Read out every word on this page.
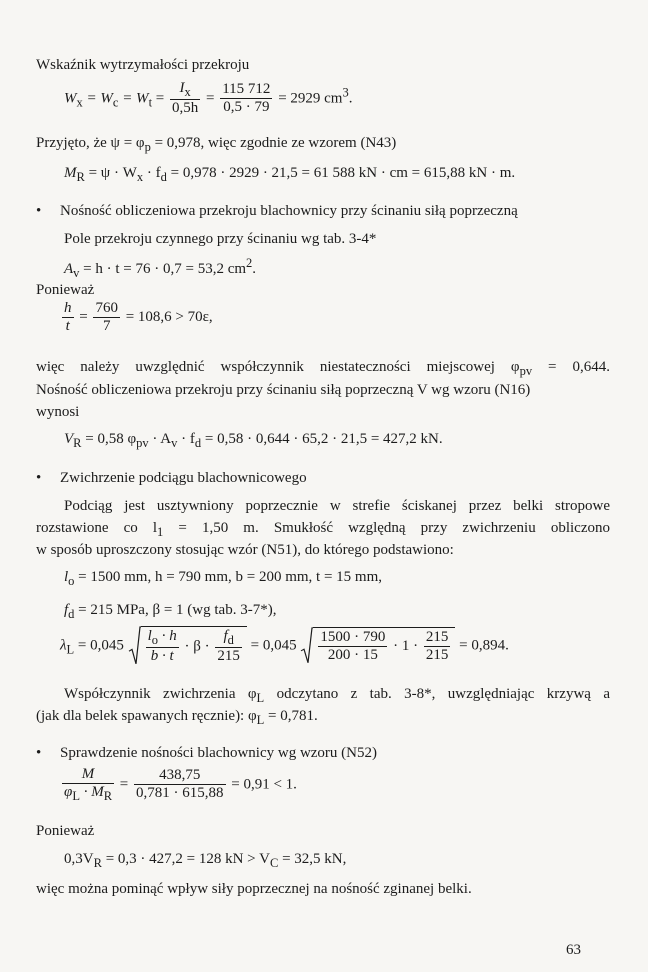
Wskaźnik wytrzymałości przekroju
$W_x = W_c = W_t = \frac{I_x}{0,5h} = \frac{115 712}{0,5 \cdot 79} = 2929$ $cm^3$.
Przyjęto, że $\psi = \varphi_p = 0,978$, więc zgodnie ze wzorem (N43)
$M_R = \psi \cdot W_x \cdot f_d = 0,978 \cdot 2929 \cdot 21,5 = 61$ 588 kN · cm = 615,88 kN · m.
• Nośność obliczeniowa przekroju blachownicy przy ścinaniu siłą poprzeczną
Pole przekroju czynnego przy ścinaniu wg tab. 3-4*
$A_v = h \cdot t = 76 \cdot 0,7 = 53,2$ $cm^2$.
Ponieważ
$\frac{h}{t} = \frac{760}{7} = 108,6 > 70\varepsilon$,
więc należy uwzględnić współczynnik niestateczności miejscowej $\varphi_{pv} = 0,644$.
Nośność obliczeniowa przekroju przy ścinaniu siłą poprzeczną V wg wzoru (N16)
wynosi
$V_R = 0,58$ $\varphi_{pv} \cdot A_v \cdot f_d = 0,58 \cdot 0,644 \cdot 65,2 \cdot 21,5 = 427,2$ kN.
• Zwichrzenie podciągu blachownicowego
Podciąg jest usztywniony poprzecznie w strefie ściskanej przez belki stropowe
rozstawione co $l_1 = 1,50$ m. Smukłość względną przy zwichrzeniu obliczono
w sposób uproszczony stosując wzór (N51), do którego podstawiono:
$l_o = 1500$ mm, h = 790 mm, b = 200 mm, t = 15 mm,
$f_d = 215$ MPa, β = 1 (wg tab. 3-7*),
$\lambda_L = 0,045 \frac{l_o \cdot h}{b \cdot t} \cdot \beta \cdot \frac{f_d}{215} = 0,045 \frac{1500 \cdot 790}{200 \cdot 15} \cdot 1 \cdot \frac{215}{215} = 0,894$.
Współczynnik zwichrzenia $\varphi_L$ odczytano z tab. 3-8*, uwzględniając krzywą a
(jak dla belek spawanych ręcznie): $\varphi_L = 0,781$.
• Sprawdzenie nośności blachownicy wg wzoru (N52)
$\frac{M}{\varphi_L \cdot M_R} = \frac{438,75}{0,781 \cdot 615,88} = 0,91 < 1$.
Ponieważ
$0,3V_R = 0,3 \cdot 427,2 = 128$ kN > $V_C = 32,5$ kN,
więc można pominąć wpływ siły poprzecznej na nośność zginanej belki.
63
